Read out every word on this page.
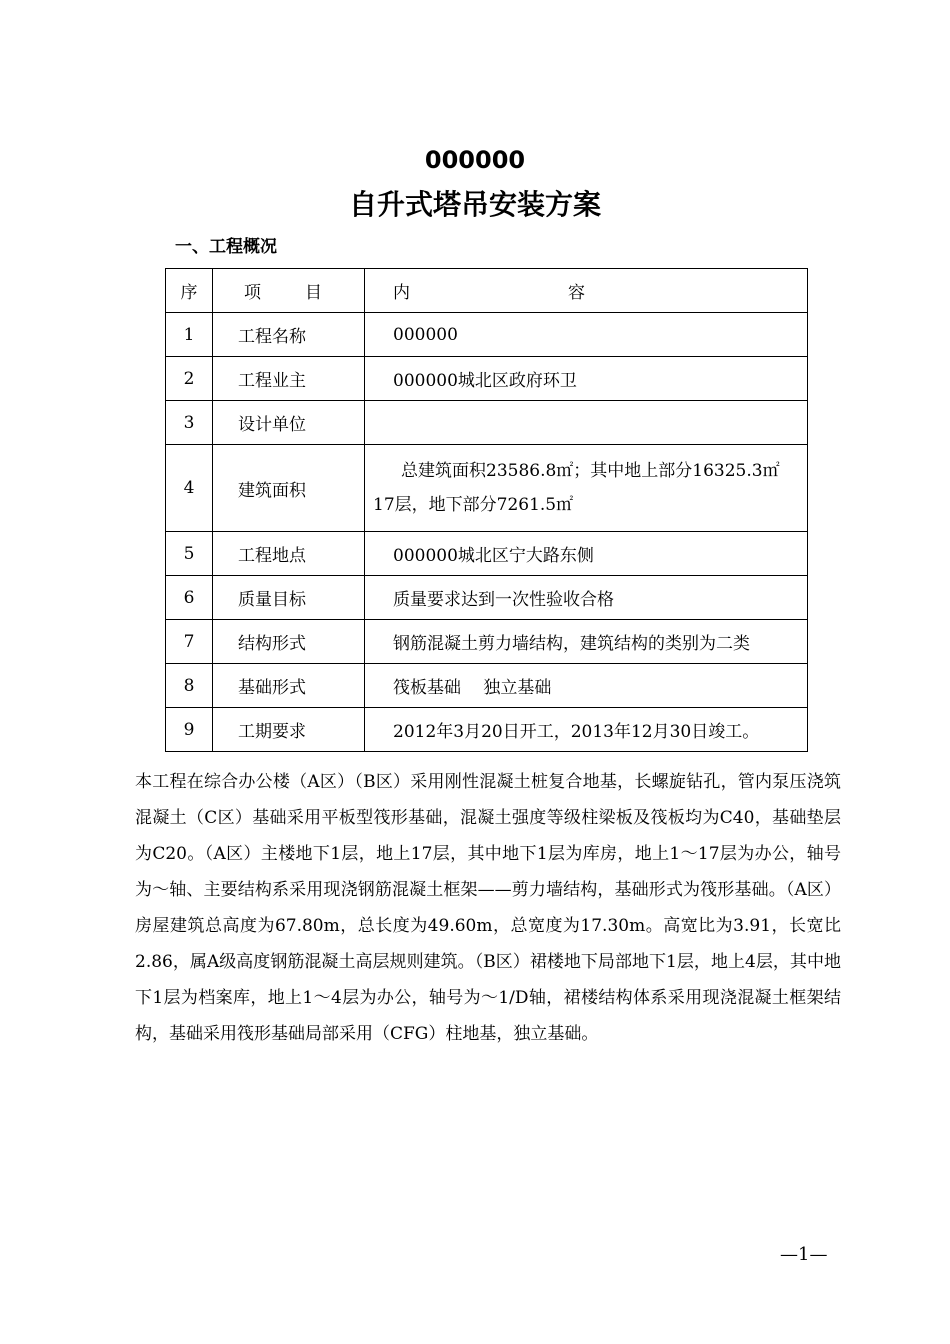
000000
自升式塔吊安装方案
一、工程概况
序	项 目	内 容
1	工程名称	000000
2	工程业主	000000城北区政府环卫
3	设计单位	
4	建筑面积	总建筑面积23586.8㎡；其中地上部分16325.3㎡17层，地下部分7261.5㎡

5	工程地点	000000城北区宁大路东侧
6	质量目标	质量要求达到一次性验收合格
7	结构形式	钢筋混凝土剪力墙结构，建筑结构的类别为二类
8	基础形式	筏板基础　 独立基础
9	工期要求	2012年3月20日开工，2013年12月30日竣工。

本工程在综合办公楼（A区）（B区）采用刚性混凝土桩复合地基，长螺旋钻孔，管内泵压浇筑混凝土（C区）基础采用平板型筏形基础，混凝土强度等级柱梁板及筏板均为C40，基础垫层为C20。（A区）主楼地下1层，地上17层，其中地下1层为库房，地上1～17层为办公，轴号为～轴、主要结构系采用现浇钢筋混凝土框架——剪力墙结构，基础形式为筏形基础。（A区）房屋建筑总高度为67.80m，总长度为49.60m，总宽度为17.30m。高宽比为3.91，长宽比2.86，属A级高度钢筋混凝土高层规则建筑。（B区）裙楼地下局部地下1层，地上4层，其中地下1层为档案库，地上1～4层为办公，轴号为～1/D轴，裙楼结构体系采用现浇混凝土框架结构，基础采用筏形基础局部采用（CFG）柱地基，独立基础。

—1—
